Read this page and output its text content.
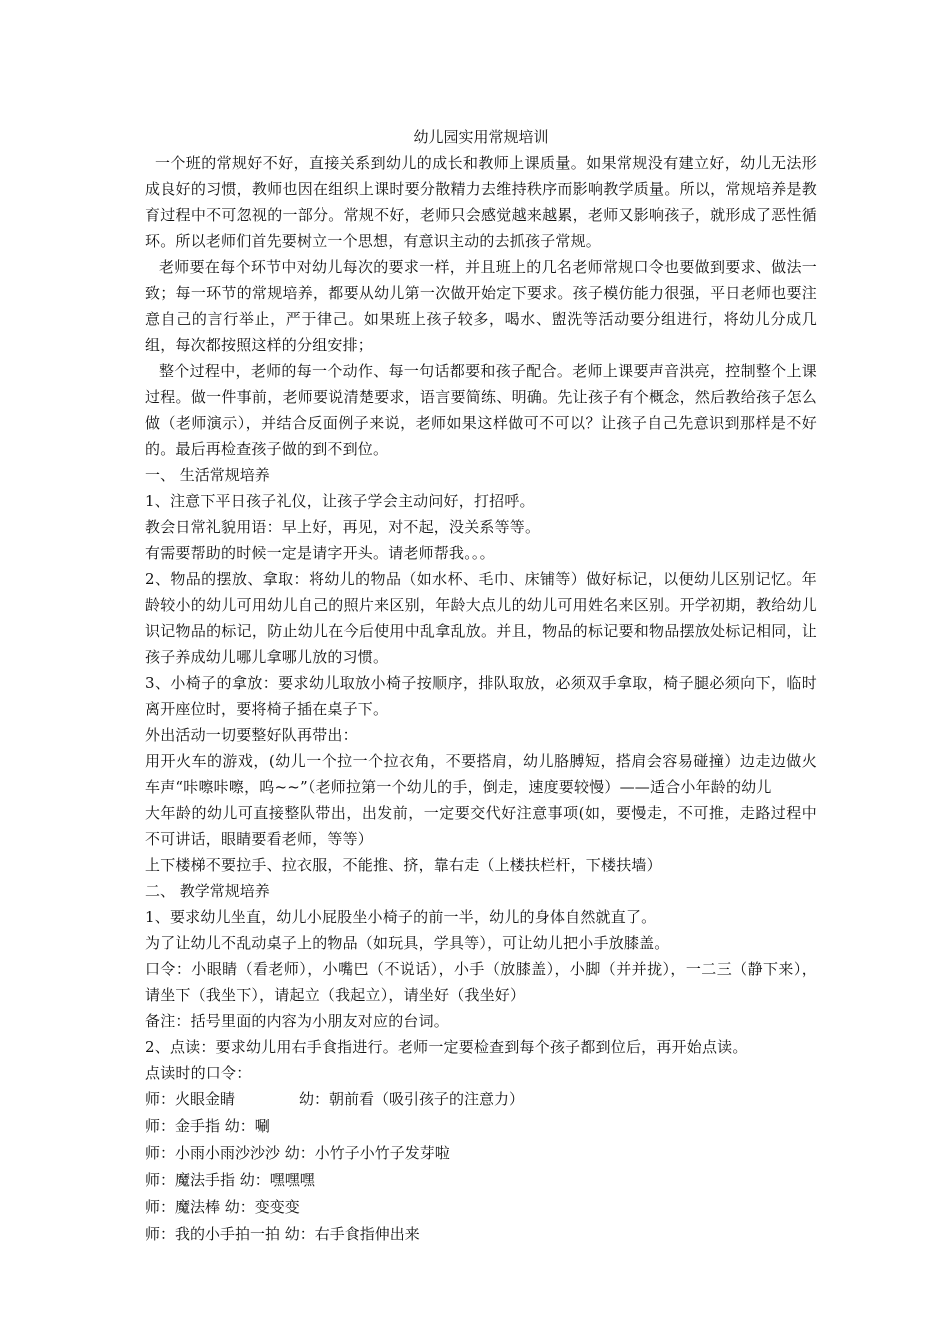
幼儿园实用常规培训

一个班的常规好不好，直接关系到幼儿的成长和教师上课质量。如果常规没有建立好，幼儿无法形成良好的习惯，教师也因在组织上课时要分散精力去维持秩序而影响教学质量。所以，常规培养是教育过程中不可忽视的一部分。常规不好，老师只会感觉越来越累，老师又影响孩子，就形成了恶性循环。所以老师们首先要树立一个思想，有意识主动的去抓孩子常规。

老师要在每个环节中对幼儿每次的要求一样，并且班上的几名老师常规口令也要做到要求、做法一致；每一环节的常规培养，都要从幼儿第一次做开始定下要求。孩子模仿能力很强，平日老师也要注意自己的言行举止，严于律己。如果班上孩子较多，喝水、盥洗等活动要分组进行，将幼儿分成几组，每次都按照这样的分组安排；

整个过程中，老师的每一个动作、每一句话都要和孩子配合。老师上课要声音洪亮，控制整个上课过程。做一件事前，老师要说清楚要求，语言要简练、明确。先让孩子有个概念，然后教给孩子怎么做（老师演示），并结合反面例子来说，老师如果这样做可不可以？让孩子自己先意识到那样是不好的。最后再检查孩子做的到不到位。

一、 生活常规培养

1、注意下平日孩子礼仪，让孩子学会主动问好，打招呼。

教会日常礼貌用语：早上好，再见，对不起，没关系等等。

有需要帮助的时候一定是请字开头。请老师帮我。。。

2、物品的摆放、拿取：将幼儿的物品（如水杯、毛巾、床铺等）做好标记，以便幼儿区别记忆。年龄较小的幼儿可用幼儿自己的照片来区别，年龄大点儿的幼儿可用姓名来区别。开学初期，教给幼儿识记物品的标记，防止幼儿在今后使用中乱拿乱放。并且，物品的标记要和物品摆放处标记相同，让孩子养成幼儿哪儿拿哪儿放的习惯。

3、小椅子的拿放：要求幼儿取放小椅子按顺序，排队取放，必须双手拿取，椅子腿必须向下，临时离开座位时，要将椅子插在桌子下。

外出活动一切要整好队再带出：

用开火车的游戏，(幼儿一个拉一个拉衣角，不要搭肩，幼儿胳膊短，搭肩会容易碰撞）边走边做火车声“咔嚓咔嚓，呜~~”（老师拉第一个幼儿的手，倒走，速度要较慢）——适合小年龄的幼儿

大年龄的幼儿可直接整队带出，出发前，一定要交代好注意事项(如，要慢走，不可推，走路过程中不可讲话，眼睛要看老师，等等）

上下楼梯不要拉手、拉衣服，不能推、挤，靠右走（上楼扶栏杆，下楼扶墙）

二、 教学常规培养

1、要求幼儿坐直，幼儿小屁股坐小椅子的前一半，幼儿的身体自然就直了。

为了让幼儿不乱动桌子上的物品（如玩具，学具等），可让幼儿把小手放膝盖。

口令：小眼睛（看老师），小嘴巴（不说话），小手（放膝盖），小脚（并并拢），一二三（静下来），请坐下（我坐下），请起立（我起立），请坐好（我坐好）

备注：括号里面的内容为小朋友对应的台词。

2、点读：要求幼儿用右手食指进行。老师一定要检查到每个孩子都到位后，再开始点读。

点读时的口令：

师：火眼金睛	幼：朝前看（吸引孩子的注意力）

师：金手指 幼：唰

师：小雨小雨沙沙沙 幼：小竹子小竹子发芽啦

师：魔法手指 幼：嘿嘿嘿

师：魔法棒 幼：变变变

师：我的小手拍一拍 幼：右手食指伸出来
